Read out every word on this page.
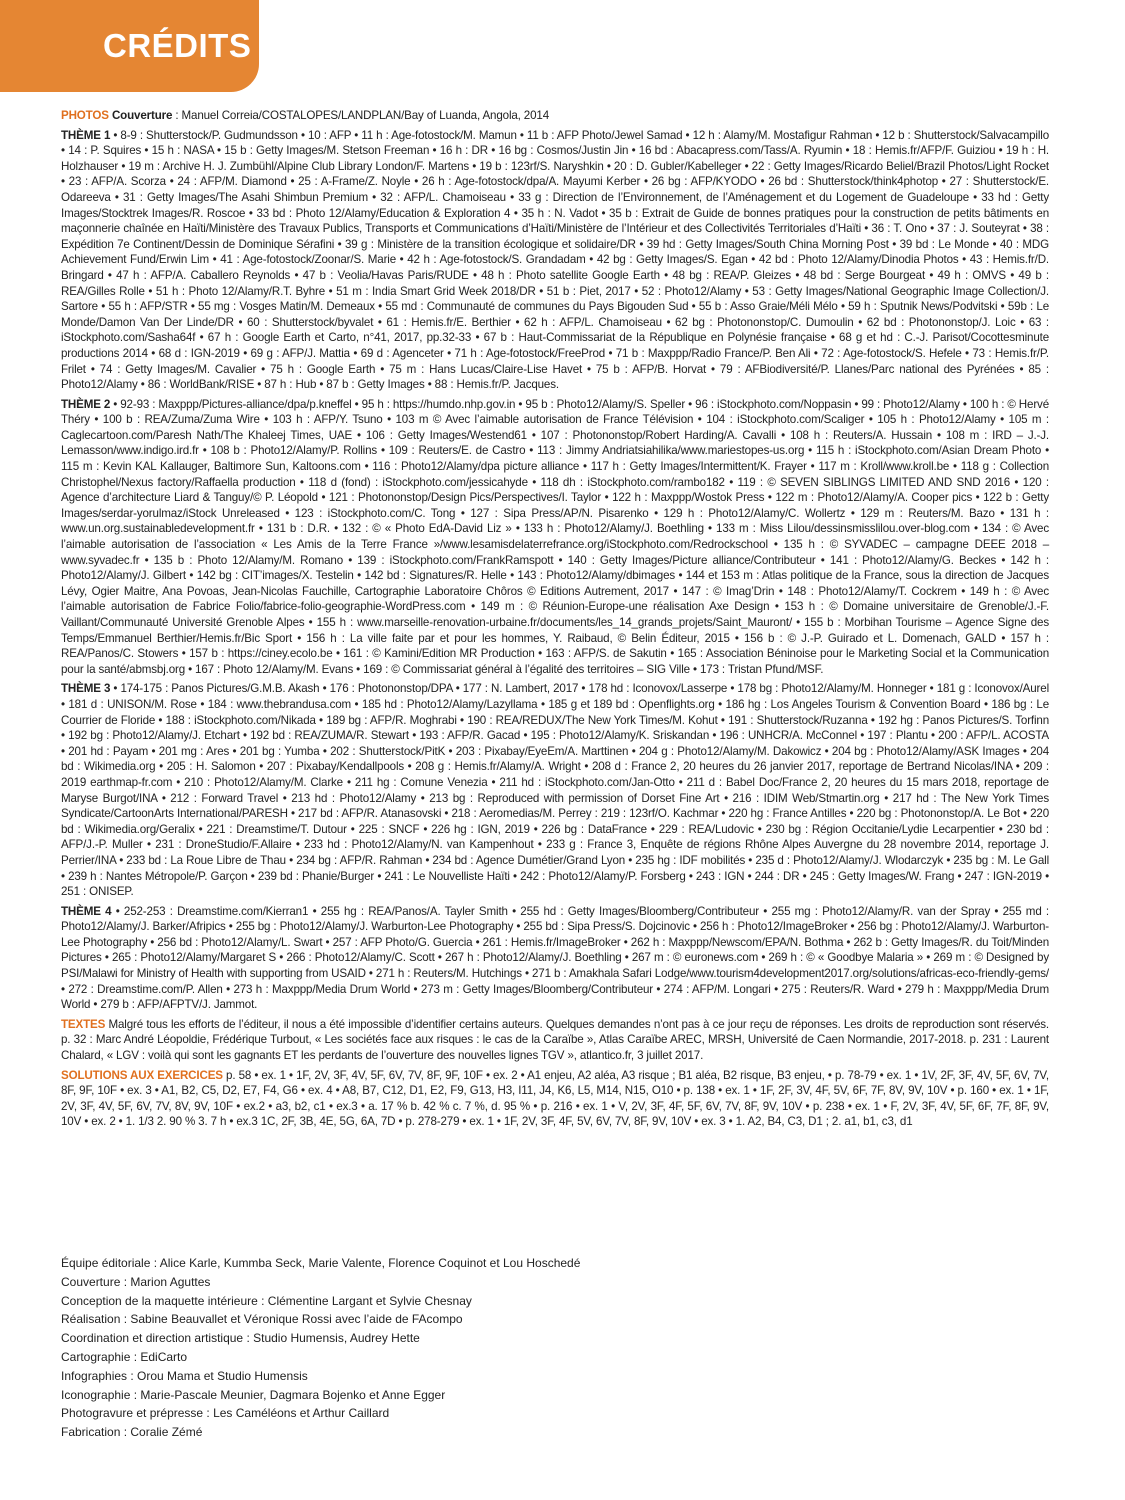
CRÉDITS

PHOTOS Couverture : Manuel Correia/COSTALOPES/LANDPLAN/Bay of Luanda, Angola, 2014

THÈME 1 • 8-9 : Shutterstock/P. Gudmundsson • 10 : AFP • 11 h : Age-fotostock/M. Mamun • 11 b : AFP Photo/Jewel Samad • 12 h : Alamy/M. Mostafigur Rahman • 12 b : Shutterstock/Salvacampillo • 14 : P. Squires • 15 h : NASA • 15 b : Getty Images/M. Stetson Freeman • 16 h : DR • 16 bg : Cosmos/Justin Jin • 16 bd : Abacapress.com/Tass/A. Ryumin • 18 : Hemis.fr/AFP/F. Guiziou • 19 h : H. Holzhauser • 19 m : Archive H. J. Zumbühl/Alpine Club Library London/F. Martens • 19 b : 123rf/S. Naryshkin • 20 : D. Gubler/Kabelleger • 22 : Getty Images/Ricardo Beliel/Brazil Photos/Light Rocket • 23 : AFP/A. Scorza • 24 : AFP/M. Diamond • 25 : A-Frame/Z. Noyle • 26 h : Age-fotostock/dpa/A. Mayumi Kerber • 26 bg : AFP/KYODO • 26 bd : Shutterstock/think4photop • 27 : Shutterstock/E. Odareeva • 31 : Getty Images/The Asahi Shimbun Premium • 32 : AFP/L. Chamoiseau • 33 g : Direction de l’Environnement, de l’Aménagement et du Logement de Guadeloupe • 33 hd : Getty Images/Stocktrek Images/R. Roscoe • 33 bd : Photo 12/Alamy/Education & Exploration 4 • 35 h : N. Vadot • 35 b : Extrait de Guide de bonnes pratiques pour la construction de petits bâtiments en maçonnerie chaînée en Haïti/Ministère des Travaux Publics, Transports et Communications d’Haïti/Ministère de l’Intérieur et des Collectivités Territoriales d’Haïti • 36 : T. Ono • 37 : J. Souteyrat • 38 : Expédition 7e Continent/Dessin de Dominique Sérafini • 39 g : Ministère de la transition écologique et solidaire/DR • 39 hd : Getty Images/South China Morning Post • 39 bd : Le Monde • 40 : MDG Achievement Fund/Erwin Lim • 41 : Age-fotostock/Zoonar/S. Marie • 42 h : Age-fotostock/S. Grandadam • 42 bg : Getty Images/S. Egan • 42 bd : Photo 12/Alamy/Dinodia Photos • 43 : Hemis.fr/D. Bringard • 47 h : AFP/A. Caballero Reynolds • 47 b : Veolia/Havas Paris/RUDE • 48 h : Photo satellite Google Earth • 48 bg : REA/P. Gleizes • 48 bd : Serge Bourgeat • 49 h : OMVS • 49 b : REA/Gilles Rolle • 51 h : Photo 12/Alamy/R.T. Byhre • 51 m : India Smart Grid Week 2018/DR • 51 b : Piet, 2017 • 52 : Photo12/Alamy • 53 : Getty Images/National Geographic Image Collection/J. Sartore • 55 h : AFP/STR • 55 mg : Vosges Matin/M. Demeaux • 55 md : Communauté de communes du Pays Bigouden Sud • 55 b : Asso Graie/Méli Mélo • 59 h : Sputnik News/Podvitski • 59b : Le Monde/Damon Van Der Linde/DR • 60 : Shutterstock/byvalet • 61 : Hemis.fr/E. Berthier • 62 h : AFP/L. Chamoiseau • 62 bg : Photononstop/C. Dumoulin • 62 bd : Photononstop/J. Loic • 63 : iStockphoto.com/Sasha64f • 67 h : Google Earth et Carto, n°41, 2017, pp.32-33 • 67 b : Haut-Commissariat de la République en Polynésie française • 68 g et hd : C.-J. Parisot/Cocottesminute productions 2014 • 68 d : IGN-2019 • 69 g : AFP/J. Mattia • 69 d : Agenceter • 71 h : Age-fotostock/FreeProd • 71 b : Maxppp/Radio France/P. Ben Ali • 72 : Age-fotostock/S. Hefele • 73 : Hemis.fr/P. Frilet • 74 : Getty Images/M. Cavalier • 75 h : Google Earth • 75 m : Hans Lucas/Claire-Lise Havet • 75 b : AFP/B. Horvat • 79 : AFBiodiversité/P. Llanes/Parc national des Pyrénées • 85 : Photo12/Alamy • 86 : WorldBank/RISE • 87 h : Hub • 87 b : Getty Images • 88 : Hemis.fr/P. Jacques.

THÈME 2 • 92-93 : Maxppp/Pictures-alliance/dpa/p.kneffel • 95 h : https://humdo.nhp.gov.in • 95 b : Photo12/Alamy/S. Speller • 96 : iStockphoto.com/Noppasin • 99 : Photo12/Alamy • 100 h : © Hervé Théry • 100 b : REA/Zuma/Zuma Wire • 103 h : AFP/Y. Tsuno • 103 m © Avec l’aimable autorisation de France Télévision • 104 : iStockphoto.com/Scaliger • 105 h : Photo12/Alamy • 105 m : Caglecartoon.com/Paresh Nath/The Khaleej Times, UAE • 106 : Getty Images/Westend61 • 107 : Photononstop/Robert Harding/A. Cavalli • 108 h : Reuters/A. Hussain • 108 m : IRD – J.-J. Lemasson/www.indigo.ird.fr • 108 b : Photo12/Alamy/P. Rollins • 109 : Reuters/E. de Castro • 113 : Jimmy Andriatsiahilika/www.mariestopes-us.org • 115 h : iStockphoto.com/Asian Dream Photo • 115 m : Kevin KAL Kallauger, Baltimore Sun, Kaltoons.com • 116 : Photo12/Alamy/dpa picture alliance • 117 h : Getty Images/Intermittent/K. Frayer • 117 m : Kroll/www.kroll.be • 118 g : Collection Christophel/Nexus factory/Raffaella production • 118 d (fond) : iStockphoto.com/jessicahyde • 118 dh : iStockphoto.com/rambo182 • 119 : © SEVEN SIBLINGS LIMITED AND SND 2016 • 120 : Agence d’architecture Liard & Tanguy/© P. Léopold • 121 : Photononstop/Design Pics/Perspectives/I. Taylor • 122 h : Maxppp/Wostok Press • 122 m : Photo12/Alamy/A. Cooper pics • 122 b : Getty Images/serdar-yorulmaz/iStock Unreleased • 123 : iStockphoto.com/C. Tong • 127 : Sipa Press/AP/N. Pisarenko • 129 h : Photo12/Alamy/C. Wollertz • 129 m : Reuters/M. Bazo • 131 h : www.un.org.sustainabledevelopment.fr • 131 b : D.R. • 132 : © « Photo EdA-David Liz » • 133 h : Photo12/Alamy/J. Boethling • 133 m : Miss Lilou/dessinsmisslilou.over-blog.com • 134 : © Avec l’aimable autorisation de l’association « Les Amis de la Terre France »/www.lesamisdelaterrefrance.org/iStockphoto.com/Redrockschool • 135 h : © SYVADEC – campagne DEEE 2018 – www.syvadec.fr • 135 b : Photo 12/Alamy/M. Romano • 139 : iStockphoto.com/FrankRamspott • 140 : Getty Images/Picture alliance/Contributeur • 141 : Photo12/Alamy/G. Beckes • 142 h : Photo12/Alamy/J. Gilbert • 142 bg : CIT’images/X. Testelin • 142 bd : Signatures/R. Helle • 143 : Photo12/Alamy/dbimages • 144 et 153 m : Atlas politique de la France, sous la direction de Jacques Lévy, Ogier Maitre, Ana Povoas, Jean-Nicolas Fauchille, Cartographie Laboratoire Chôros © Editions Autrement, 2017 • 147 : © Imag’Drin • 148 : Photo12/Alamy/T. Cockrem • 149 h : © Avec l’aimable autorisation de Fabrice Folio/fabrice-folio-geographie-WordPress.com • 149 m : © Réunion-Europe-une réalisation Axe Design • 153 h : © Domaine universitaire de Grenoble/J.-F. Vaillant/Communauté Université Grenoble Alpes • 155 h : www.marseille-renovation-urbaine.fr/documents/les_14_grands_projets/Saint_Mauront/ • 155 b : Morbihan Tourisme – Agence Signe des Temps/Emmanuel Berthier/Hemis.fr/Bic Sport • 156 h : La ville faite par et pour les hommes, Y. Raibaud, © Belin Éditeur, 2015 • 156 b : © J.-P. Guirado et L. Domenach, GALD • 157 h : REA/Panos/C. Stowers • 157 b : https://ciney.ecolo.be • 161 : © Kamini/Edition MR Production • 163 : AFP/S. de Sakutin • 165 : Association Béninoise pour le Marketing Social et la Communication pour la santé/abmsbj.org • 167 : Photo 12/Alamy/M. Evans • 169 : © Commissariat général à l’égalité des territoires – SIG Ville • 173 : Tristan Pfund/MSF.

THÈME 3 • 174-175 : Panos Pictures/G.M.B. Akash • 176 : Photononstop/DPA • 177 : N. Lambert, 2017 • 178 hd : Iconovox/Lasserpe • 178 bg : Photo12/Alamy/M. Honneger • 181 g : Iconovox/Aurel • 181 d : UNISON/M. Rose • 184 : www.thebrandusa.com • 185 hd : Photo12/Alamy/Lazyllama • 185 g et 189 bd : Openflights.org • 186 hg : Los Angeles Tourism & Convention Board • 186 bg : Le Courrier de Floride • 188 : iStockphoto.com/Nikada • 189 bg : AFP/R. Moghrabi • 190 : REA/REDUX/The New York Times/M. Kohut • 191 : Shutterstock/Ruzanna • 192 hg : Panos Pictures/S. Torfinn • 192 bg : Photo12/Alamy/J. Etchart • 192 bd : REA/ZUMA/R. Stewart • 193 : AFP/R. Gacad • 195 : Photo12/Alamy/K. Sriskandan • 196 : UNHCR/A. McConnel • 197 : Plantu • 200 : AFP/L. ACOSTA • 201 hd : Payam • 201 mg : Ares • 201 bg : Yumba • 202 : Shutterstock/PitK • 203 : Pixabay/EyeEm/A. Marttinen • 204 g : Photo12/Alamy/M. Dakowicz • 204 bg : Photo12/Alamy/ASK Images • 204 bd : Wikimedia.org • 205 : H. Salomon • 207 : Pixabay/Kendallpools • 208 g : Hemis.fr/Alamy/A. Wright • 208 d : France 2, 20 heures du 26 janvier 2017, reportage de Bertrand Nicolas/INA • 209 : 2019 earthmap-fr.com • 210 : Photo12/Alamy/M. Clarke • 211 hg : Comune Venezia • 211 hd : iStockphoto.com/Jan-Otto • 211 d : Babel Doc/France 2, 20 heures du 15 mars 2018, reportage de Maryse Burgot/INA • 212 : Forward Travel • 213 hd : Photo12/Alamy • 213 bg : Reproduced with permission of Dorset Fine Art • 216 : IDIM Web/Stmartin.org • 217 hd : The New York Times Syndicate/CartoonArts International/PARESH • 217 bd : AFP/R. Atanasovski • 218 : Aeromedias/M. Perrey : 219 : 123rf/O. Kachmar • 220 hg : France Antilles • 220 bg : Photononstop/A. Le Bot • 220 bd : Wikimedia.org/Geralix • 221 : Dreamstime/T. Dutour • 225 : SNCF • 226 hg : IGN, 2019 • 226 bg : DataFrance • 229 : REA/Ludovic • 230 bg : Région Occitanie/Lydie Lecarpentier • 230 bd : AFP/J.-P. Muller • 231 : DroneStudio/F.Allaire • 233 hd : Photo12/Alamy/N. van Kampenhout • 233 g : France 3, Enquête de régions Rhône Alpes Auvergne du 28 novembre 2014, reportage J. Perrier/INA • 233 bd : La Roue Libre de Thau • 234 bg : AFP/R. Rahman • 234 bd : Agence Dumétier/Grand Lyon • 235 hg : IDF mobilités • 235 d : Photo12/Alamy/J. Wlodarczyk • 235 bg : M. Le Gall • 239 h : Nantes Métropole/P. Garçon • 239 bd : Phanie/Burger • 241 : Le Nouvelliste Haïti • 242 : Photo12/Alamy/P. Forsberg • 243 : IGN • 244 : DR • 245 : Getty Images/W. Frang • 247 : IGN-2019 • 251 : ONISEP.

THÈME 4 • 252-253 : Dreamstime.com/Kierran1 • 255 hg : REA/Panos/A. Tayler Smith • 255 hd : Getty Images/Bloomberg/Contributeur • 255 mg : Photo12/Alamy/R. van der Spray • 255 md : Photo12/Alamy/J. Barker/Afripics • 255 bg : Photo12/Alamy/J. Warburton-Lee Photography • 255 bd : Sipa Press/S. Dojcinovic • 256 h : Photo12/ImageBroker • 256 bg : Photo12/Alamy/J. Warburton-Lee Photography • 256 bd : Photo12/Alamy/L. Swart • 257 : AFP Photo/G. Guercia • 261 : Hemis.fr/ImageBroker • 262 h : Maxppp/Newscom/EPA/N. Bothma • 262 b : Getty Images/R. du Toit/Minden Pictures • 265 : Photo12/Alamy/Margaret S • 266 : Photo12/Alamy/C. Scott • 267 h : Photo12/Alamy/J. Boethling • 267 m : © euronews.com • 269 h : © « Goodbye Malaria » • 269 m : © Designed by PSI/Malawi for Ministry of Health with supporting from USAID • 271 h : Reuters/M. Hutchings • 271 b : Amakhala Safari Lodge/www.tourism4development2017.org/solutions/africas-eco-friendly-gems/ • 272 : Dreamstime.com/P. Allen • 273 h : Maxppp/Media Drum World • 273 m : Getty Images/Bloomberg/Contributeur • 274 : AFP/M. Longari • 275 : Reuters/R. Ward • 279 h : Maxppp/Media Drum World • 279 b : AFP/AFPTV/J. Jammot.

TEXTES Malgré tous les efforts de l’éditeur, il nous a été impossible d’identifier certains auteurs. Quelques demandes n’ont pas à ce jour reçu de réponses. Les droits de reproduction sont réservés. p. 32 : Marc André Léopoldie, Frédérique Turbout, « Les sociétés face aux risques : le cas de la Caraïbe », Atlas Caraïbe AREC, MRSH, Université de Caen Normandie, 2017-2018. p. 231 : Laurent Chalard, « LGV : voilà qui sont les gagnants ET les perdants de l’ouverture des nouvelles lignes TGV », atlantico.fr, 3 juillet 2017.

SOLUTIONS AUX EXERCICES p. 58 • ex. 1 • 1F, 2V, 3F, 4V, 5F, 6V, 7V, 8F, 9F, 10F • ex. 2 • A1 enjeu, A2 aléa, A3 risque ; B1 aléa, B2 risque, B3 enjeu, • p. 78-79 • ex. 1 • 1V, 2F, 3F, 4V, 5F, 6V, 7V, 8F, 9F, 10F • ex. 3 • A1, B2, C5, D2, E7, F4, G6 • ex. 4 • A8, B7, C12, D1, E2, F9, G13, H3, I11, J4, K6, L5, M14, N15, O10 • p. 138 • ex. 1 • 1F, 2F, 3V, 4F, 5V, 6F, 7F, 8V, 9V, 10V • p. 160 • ex. 1 • 1F, 2V, 3F, 4V, 5F, 6V, 7V, 8V, 9V, 10F • ex.2 • a3, b2, c1 • ex.3 • a. 17 % b. 42 % c. 7 %, d. 95 % • p. 216 • ex. 1 • V, 2V, 3F, 4F, 5F, 6V, 7V, 8F, 9V, 10V • p. 238 • ex. 1 • F, 2V, 3F, 4V, 5F, 6F, 7F, 8F, 9V, 10V • ex. 2 • 1. 1/3 2. 90 % 3. 7 h • ex.3 1C, 2F, 3B, 4E, 5G, 6A, 7D • p. 278-279 • ex. 1 • 1F, 2V, 3F, 4F, 5V, 6V, 7V, 8F, 9V, 10V • ex. 3 • 1. A2, B4, C3, D1 ; 2. a1, b1, c3, d1

Équipe éditoriale : Alice Karle, Kummba Seck, Marie Valente, Florence Coquinot et Lou Hoschedé
Couverture : Marion Aguttes
Conception de la maquette intérieure : Clémentine Largant et Sylvie Chesnay
Réalisation : Sabine Beauvallet et Véronique Rossi avec l’aide de FAcompo
Coordination et direction artistique : Studio Humensis, Audrey Hette
Cartographie : EdiCarto
Infographies : Orou Mama et Studio Humensis
Iconographie : Marie-Pascale Meunier, Dagmara Bojenko et Anne Egger
Photogravure et prépresse : Les Caméléons et Arthur Caillard
Fabrication : Coralie Zémé
